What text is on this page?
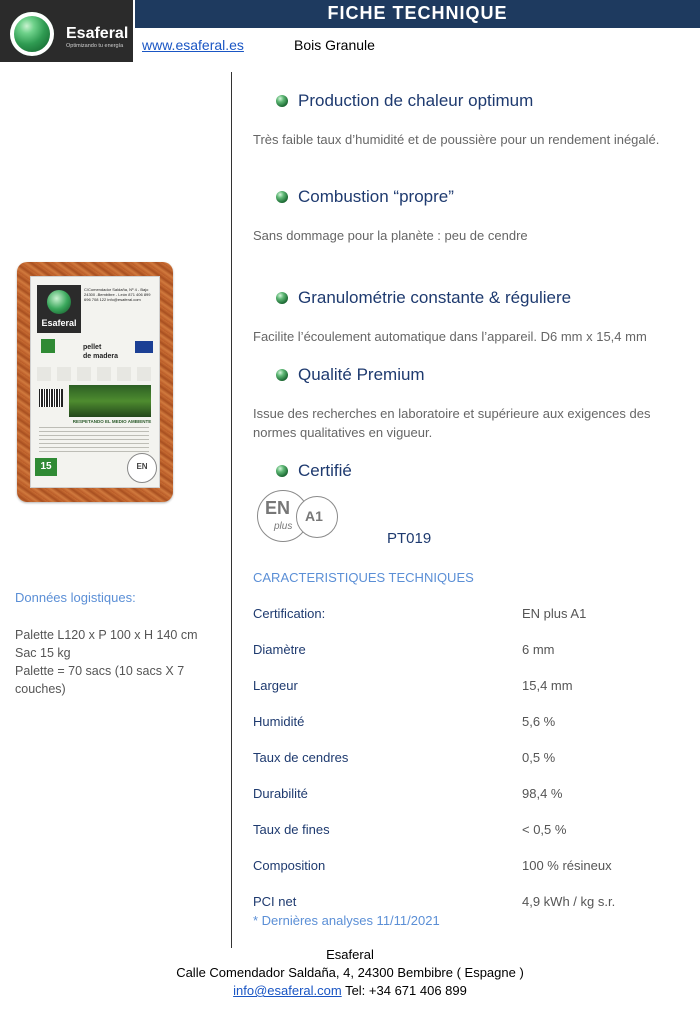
Esaferal
Optimizando tu energía
FICHE TECHNIQUE
www.esaferal.es	Bois Granule
Esaferal
C/Comendador Saldaña, Nº 4 - Bajo 24300 -Bembibre - León 871 406 899 696 708 122 info@esaferal.com
pellet
de madera
RESPETANDO EL MEDIO AMBIENTE
15	EN
Données logistiques:
Palette L120 x P 100 x H 140 cm
Sac 15 kg
Palette = 70 sacs (10 sacs X 7
couches)
Production de chaleur optimum
Très faible taux d’humidité et de poussière pour un rendement inégalé.
Combustion “propre”
Sans dommage pour la planète : peu de cendre
Granulométrie constante & réguliere
Facilite l’écoulement automatique dans l’appareil. D6 mm x 15,4 mm
Qualité Premium
Issue des recherches en laboratoire et supérieure aux exigences des normes qualitatives en vigueur.
Certifié
EN
plus
A1
PT019
CARACTERISTIQUES TECHNIQUES
Certification:	EN plus A1
Diamètre	6 mm
Largeur	15,4 mm
Humidité	5,6 %
Taux de cendres	0,5 %
Durabilité	98,4 %
Taux de fines	< 0,5 %
Composition	100 % résineux
PCI net	4,9 kWh / kg s.r.
* Dernières analyses 11/11/2021
Esaferal
Calle Comendador Saldaña, 4, 24300 Bembibre ( Espagne )
info@esaferal.com Tel: +34 671 406 899
